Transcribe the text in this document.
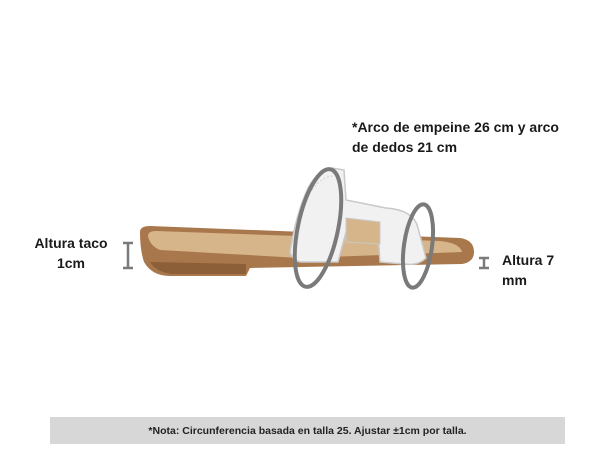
*Arco de empeine 26 cm y arco de dedos 21 cm
Altura taco 1cm	Altura 7 mm
*Nota: Circunferencia basada en talla 25. Ajustar ±1cm por talla.
